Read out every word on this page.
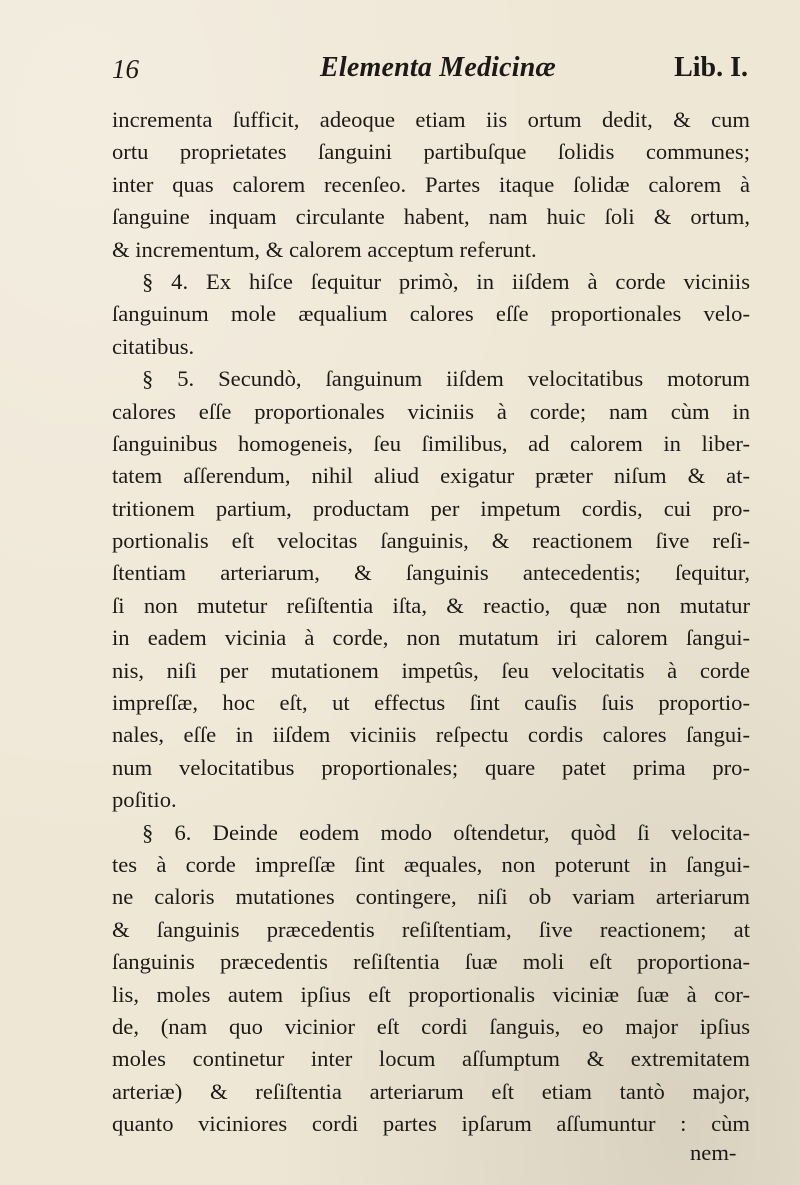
16	Elementa Medicinæ	Lib. I.
incrementa ſufficit, adeoque etiam iis ortum dedit, & cum
ortu proprietates ſanguini partibuſque ſolidis communes;
inter quas calorem recenſeo. Partes itaque ſolidæ calorem à
ſanguine inquam circulante habent, nam huic ſoli & ortum,
& incrementum, & calorem acceptum referunt.
§ 4. Ex hiſce ſequitur primò, in iiſdem à corde viciniis
ſanguinum mole æqualium calores eſſe proportionales velo-
citatibus.
§ 5. Secundò, ſanguinum iiſdem velocitatibus motorum
calores eſſe proportionales viciniis à corde; nam cùm in
ſanguinibus homogeneis, ſeu ſimilibus, ad calorem in liber-
tatem aſſerendum, nihil aliud exigatur præter niſum & at-
tritionem partium, productam per impetum cordis, cui pro-
portionalis eſt velocitas ſanguinis, & reactionem ſive reſi-
ſtentiam arteriarum, & ſanguinis antecedentis; ſequitur,
ſi non mutetur reſiſtentia iſta, & reactio, quæ non mutatur
in eadem vicinia à corde, non mutatum iri calorem ſangui-
nis, niſi per mutationem impetûs, ſeu velocitatis à corde
impreſſæ, hoc eſt, ut effectus ſint cauſis ſuis proportio-
nales, eſſe in iiſdem viciniis reſpectu cordis calores ſangui-
num velocitatibus proportionales; quare patet prima pro-
poſitio.
§ 6. Deinde eodem modo oſtendetur, quòd ſi velocita-
tes à corde impreſſæ ſint æquales, non poterunt in ſangui-
ne caloris mutationes contingere, niſi ob variam arteriarum
& ſanguinis præcedentis reſiſtentiam, ſive reactionem; at
ſanguinis præcedentis reſiſtentia ſuæ moli eſt proportiona-
lis, moles autem ipſius eſt proportionalis viciniæ ſuæ à cor-
de, (nam quo vicinior eſt cordi ſanguis, eo major ipſius
moles continetur inter locum aſſumptum & extremitatem
arteriæ) & reſiſtentia arteriarum eſt etiam tantò major,
quanto viciniores cordi partes ipſarum aſſumuntur : cùm
nem-
